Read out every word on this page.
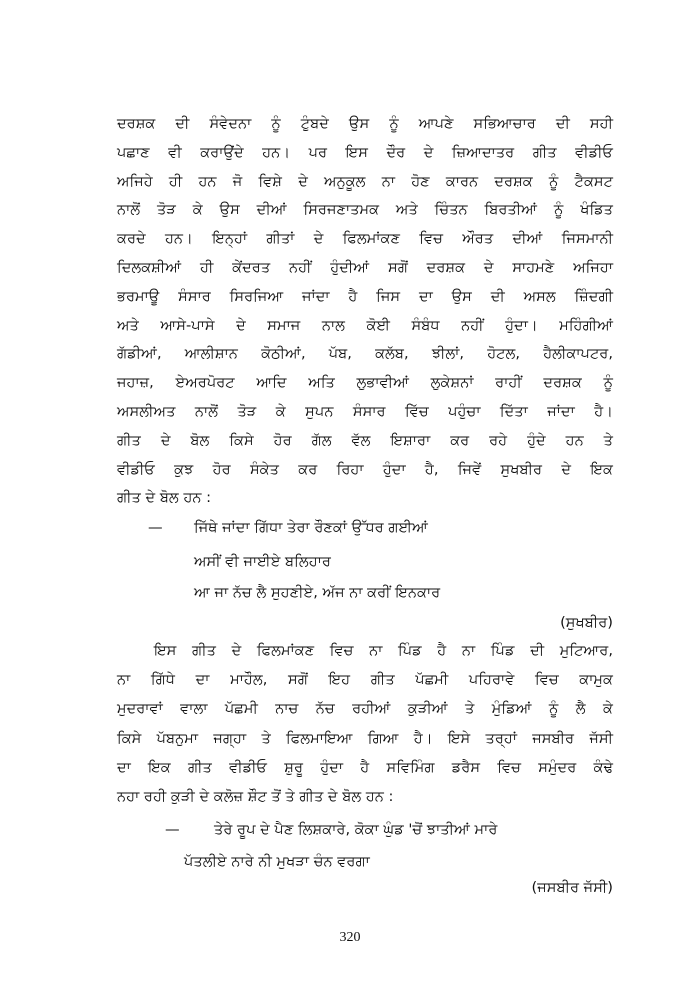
ਦਰਸ਼ਕ ਦੀ ਸੰਵੇਦਨਾ ਨੂੰ ਟੁੰਬਦੇ ਉਸ ਨੂੰ ਆਪਣੇ ਸਭਿਆਚਾਰ ਦੀ ਸਹੀ
ਪਛਾਣ ਵੀ ਕਰਾਉਂਦੇ ਹਨ। ਪਰ ਇਸ ਦੌਰ ਦੇ ਜ਼ਿਆਦਾਤਰ ਗੀਤ ਵੀਡੀਓ
ਅਜਿਹੇ ਹੀ ਹਨ ਜੋ ਵਿਸ਼ੇ ਦੇ ਅਨੁਕੂਲ ਨਾ ਹੋਣ ਕਾਰਨ ਦਰਸ਼ਕ ਨੂੰ ਟੈਕਸਟ
ਨਾਲੋਂ ਤੋੜ ਕੇ ਉਸ ਦੀਆਂ ਸਿਰਜਣਾਤਮਕ ਅਤੇ ਚਿੰਤਨ ਬਿਰਤੀਆਂ ਨੂੰ ਖੰਡਿਤ
ਕਰਦੇ ਹਨ। ਇਨ੍ਹਾਂ ਗੀਤਾਂ ਦੇ ਫਿਲਮਾਂਕਣ ਵਿਚ ਔਰਤ ਦੀਆਂ ਜਿਸਮਾਨੀ
ਦਿਲਕਸ਼ੀਆਂ ਹੀ ਕੇਂਦਰਤ ਨਹੀਂ ਹੁੰਦੀਆਂ ਸਗੋਂ ਦਰਸ਼ਕ ਦੇ ਸਾਹਮਣੇ ਅਜਿਹਾ
ਭਰਮਾਊ ਸੰਸਾਰ ਸਿਰਜਿਆ ਜਾਂਦਾ ਹੈ ਜਿਸ ਦਾ ਉਸ ਦੀ ਅਸਲ ਜ਼ਿੰਦਗੀ
ਅਤੇ ਆਸੇ-ਪਾਸੇ ਦੇ ਸਮਾਜ ਨਾਲ ਕੋਈ ਸੰਬੰਧ ਨਹੀਂ ਹੁੰਦਾ। ਮਹਿੰਗੀਆਂ
ਗੱਡੀਆਂ, ਆਲੀਸ਼ਾਨ ਕੋਠੀਆਂ, ਪੱਬ, ਕਲੱਬ, ਝੀਲਾਂ, ਹੋਟਲ, ਹੈਲੀਕਾਪਟਰ,
ਜਹਾਜ਼, ਏਅਰਪੋਰਟ ਆਦਿ ਅਤਿ ਲੁਭਾਵੀਆਂ ਲੁਕੇਸ਼ਨਾਂ ਰਾਹੀਂ ਦਰਸ਼ਕ ਨੂੰ
ਅਸਲੀਅਤ ਨਾਲੋਂ ਤੋੜ ਕੇ ਸੁਪਨ ਸੰਸਾਰ ਵਿੱਚ ਪਹੁੰਚਾ ਦਿੱਤਾ ਜਾਂਦਾ ਹੈ।
ਗੀਤ ਦੇ ਬੋਲ ਕਿਸੇ ਹੋਰ ਗੱਲ ਵੱਲ ਇਸ਼ਾਰਾ ਕਰ ਰਹੇ ਹੁੰਦੇ ਹਨ ਤੇ
ਵੀਡੀਓ ਕੁਝ ਹੋਰ ਸੰਕੇਤ ਕਰ ਰਿਹਾ ਹੁੰਦਾ ਹੈ, ਜਿਵੇਂ ਸੁਖਬੀਰ ਦੇ ਇਕ
ਗੀਤ ਦੇ ਬੋਲ ਹਨ :
— ਜਿੱਥੇ ਜਾਂਦਾ ਗਿੱਧਾ ਤੇਰਾ ਰੌਣਕਾਂ ਉੱਧਰ ਗਈਆਂ
ਅਸੀਂ ਵੀ ਜਾਈਏ ਬਲਿਹਾਰ
ਆ ਜਾ ਨੱਚ ਲੈ ਸੁਹਣੀਏ, ਅੱਜ ਨਾ ਕਰੀਂ ਇਨਕਾਰ
(ਸੁਖਬੀਰ)
ਇਸ ਗੀਤ ਦੇ ਫਿਲਮਾਂਕਣ ਵਿਚ ਨਾ ਪਿੰਡ ਹੈ ਨਾ ਪਿੰਡ ਦੀ ਮੁਟਿਆਰ,
ਨਾ ਗਿੱਧੇ ਦਾ ਮਾਹੌਲ, ਸਗੋਂ ਇਹ ਗੀਤ ਪੱਛਮੀ ਪਹਿਰਾਵੇ ਵਿਚ ਕਾਮੁਕ
ਮੁਦਰਾਵਾਂ ਵਾਲਾ ਪੱਛਮੀ ਨਾਚ ਨੱਚ ਰਹੀਆਂ ਕੁੜੀਆਂ ਤੇ ਮੁੰਡਿਆਂ ਨੂੰ ਲੈ ਕੇ
ਕਿਸੇ ਪੱਬਨੁਮਾ ਜਗ੍ਹਾ ਤੇ ਫਿਲਮਾਇਆ ਗਿਆ ਹੈ। ਇਸੇ ਤਰ੍ਹਾਂ ਜਸਬੀਰ ਜੱਸੀ
ਦਾ ਇਕ ਗੀਤ ਵੀਡੀਓ ਸ਼ੁਰੂ ਹੁੰਦਾ ਹੈ ਸਵਿਮਿੰਗ ਡਰੈਸ ਵਿਚ ਸਮੁੰਦਰ ਕੰਢੇ
ਨਹਾ ਰਹੀ ਕੁੜੀ ਦੇ ਕਲੋਜ਼ ਸ਼ੌਟ ਤੋਂ ਤੇ ਗੀਤ ਦੇ ਬੋਲ ਹਨ :
— ਤੇਰੇ ਰੂਪ ਦੇ ਪੈਣ ਲਿਸ਼ਕਾਰੇ, ਕੋਕਾ ਘੁੰਡ 'ਚੋਂ ਝਾਤੀਆਂ ਮਾਰੇ
ਪੱਤਲੀਏ ਨਾਰੇ ਨੀ ਮੁਖੜਾ ਚੰਨ ਵਰਗਾ
(ਜਸਬੀਰ ਜੱਸੀ)
320
